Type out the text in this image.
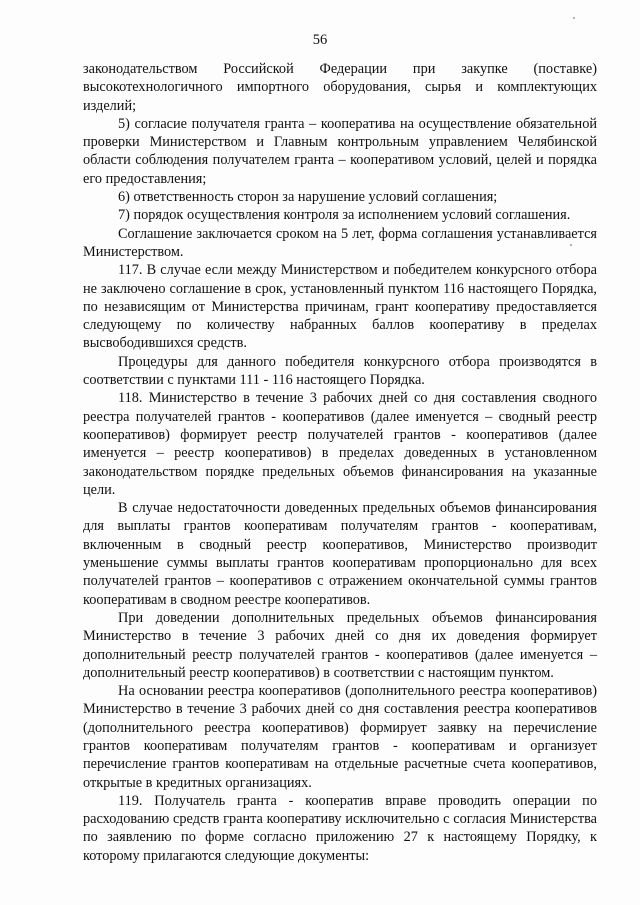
56

законодательством Российской Федерации при закупке (поставке) высокотехнологичного импортного оборудования, сырья и комплектующих изделий;

5) согласие получателя гранта – кооператива на осуществление обязательной проверки Министерством и Главным контрольным управлением Челябинской области соблюдения получателем гранта – кооперативом условий, целей и порядка его предоставления;

6) ответственность сторон за нарушение условий соглашения;

7) порядок осуществления контроля за исполнением условий соглашения.

Соглашение заключается сроком на 5 лет, форма соглашения устанавливается Министерством.

117. В случае если между Министерством и победителем конкурсного отбора не заключено соглашение в срок, установленный пунктом 116 настоящего Порядка, по независящим от Министерства причинам, грант кооперативу предоставляется следующему по количеству набранных баллов кооперативу в пределах высвободившихся средств.

Процедуры для данного победителя конкурсного отбора производятся в соответствии с пунктами 111 - 116 настоящего Порядка.

118. Министерство в течение 3 рабочих дней со дня составления сводного реестра получателей грантов - кооперативов (далее именуется – сводный реестр кооперативов) формирует реестр получателей грантов - кооперативов (далее именуется – реестр кооперативов) в пределах доведенных в установленном законодательством порядке предельных объемов финансирования на указанные цели.

В случае недостаточности доведенных предельных объемов финансирования для выплаты грантов кооперативам получателям грантов - кооперативам, включенным в сводный реестр кооперативов, Министерство производит уменьшение суммы выплаты грантов кооперативам пропорционально для всех получателей грантов – кооперативов с отражением окончательной суммы грантов кооперативам в сводном реестре кооперативов.

При доведении дополнительных предельных объемов финансирования Министерство в течение 3 рабочих дней со дня их доведения формирует дополнительный реестр получателей грантов - кооперативов (далее именуется – дополнительный реестр кооперативов) в соответствии с настоящим пунктом.

На основании реестра кооперативов (дополнительного реестра кооперативов) Министерство в течение 3 рабочих дней со дня составления реестра кооперативов (дополнительного реестра кооперативов) формирует заявку на перечисление грантов кооперативам получателям грантов - кооперативам и организует перечисление грантов кооперативам на отдельные расчетные счета кооперативов, открытые в кредитных организациях.

119. Получатель гранта - кооператив вправе проводить операции по расходованию средств гранта кооперативу исключительно с согласия Министерства по заявлению по форме согласно приложению 27 к настоящему Порядку, к которому прилагаются следующие документы:
